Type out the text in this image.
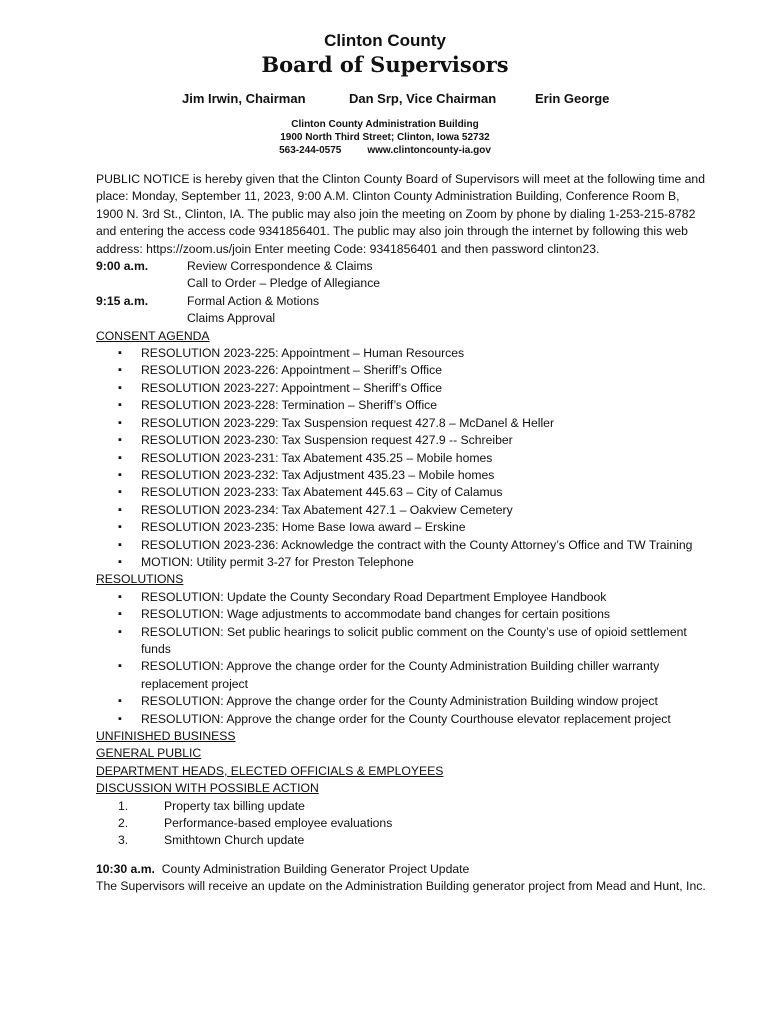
Clinton County
Board of Supervisors
Jim Irwin, Chairman	Dan Srp, Vice Chairman	Erin George
Clinton County Administration Building
1900 North Third Street; Clinton, Iowa 52732
563-244-0575	www.clintoncounty-ia.gov
PUBLIC NOTICE is hereby given that the Clinton County Board of Supervisors will meet at the following time and place: Monday, September 11, 2023, 9:00 A.M. Clinton County Administration Building, Conference Room B, 1900 N. 3rd St., Clinton, IA. The public may also join the meeting on Zoom by phone by dialing 1-253-215-8782 and entering the access code 9341856401. The public may also join through the internet by following this web address: https://zoom.us/join Enter meeting Code: 9341856401 and then password clinton23.
9:00 a.m.	Review Correspondence & Claims
Call to Order – Pledge of Allegiance
9:15 a.m.	Formal Action & Motions
Claims Approval
CONSENT AGENDA
▪ RESOLUTION 2023-225: Appointment – Human Resources
▪ RESOLUTION 2023-226: Appointment – Sheriff’s Office
▪ RESOLUTION 2023-227: Appointment – Sheriff’s Office
▪ RESOLUTION 2023-228: Termination – Sheriff’s Office
▪ RESOLUTION 2023-229: Tax Suspension request 427.8 – McDanel & Heller
▪ RESOLUTION 2023-230: Tax Suspension request 427.9 -- Schreiber
▪ RESOLUTION 2023-231: Tax Abatement 435.25 – Mobile homes
▪ RESOLUTION 2023-232: Tax Adjustment 435.23 – Mobile homes
▪ RESOLUTION 2023-233: Tax Abatement 445.63 – City of Calamus
▪ RESOLUTION 2023-234: Tax Abatement 427.1 – Oakview Cemetery
▪ RESOLUTION 2023-235: Home Base Iowa award – Erskine
▪ RESOLUTION 2023-236: Acknowledge the contract with the County Attorney’s Office and TW Training
▪ MOTION: Utility permit 3-27 for Preston Telephone
RESOLUTIONS
▪ RESOLUTION: Update the County Secondary Road Department Employee Handbook
▪ RESOLUTION: Wage adjustments to accommodate band changes for certain positions
▪ RESOLUTION: Set public hearings to solicit public comment on the County’s use of opioid settlement funds
▪ RESOLUTION: Approve the change order for the County Administration Building chiller warranty replacement project
▪ RESOLUTION: Approve the change order for the County Administration Building window project
▪ RESOLUTION: Approve the change order for the County Courthouse elevator replacement project
UNFINISHED BUSINESS
GENERAL PUBLIC
DEPARTMENT HEADS, ELECTED OFFICIALS & EMPLOYEES
DISCUSSION WITH POSSIBLE ACTION
1.	Property tax billing update
2.	Performance-based employee evaluations
3.	Smithtown Church update
10:30 a.m. County Administration Building Generator Project Update
The Supervisors will receive an update on the Administration Building generator project from Mead and Hunt, Inc.
